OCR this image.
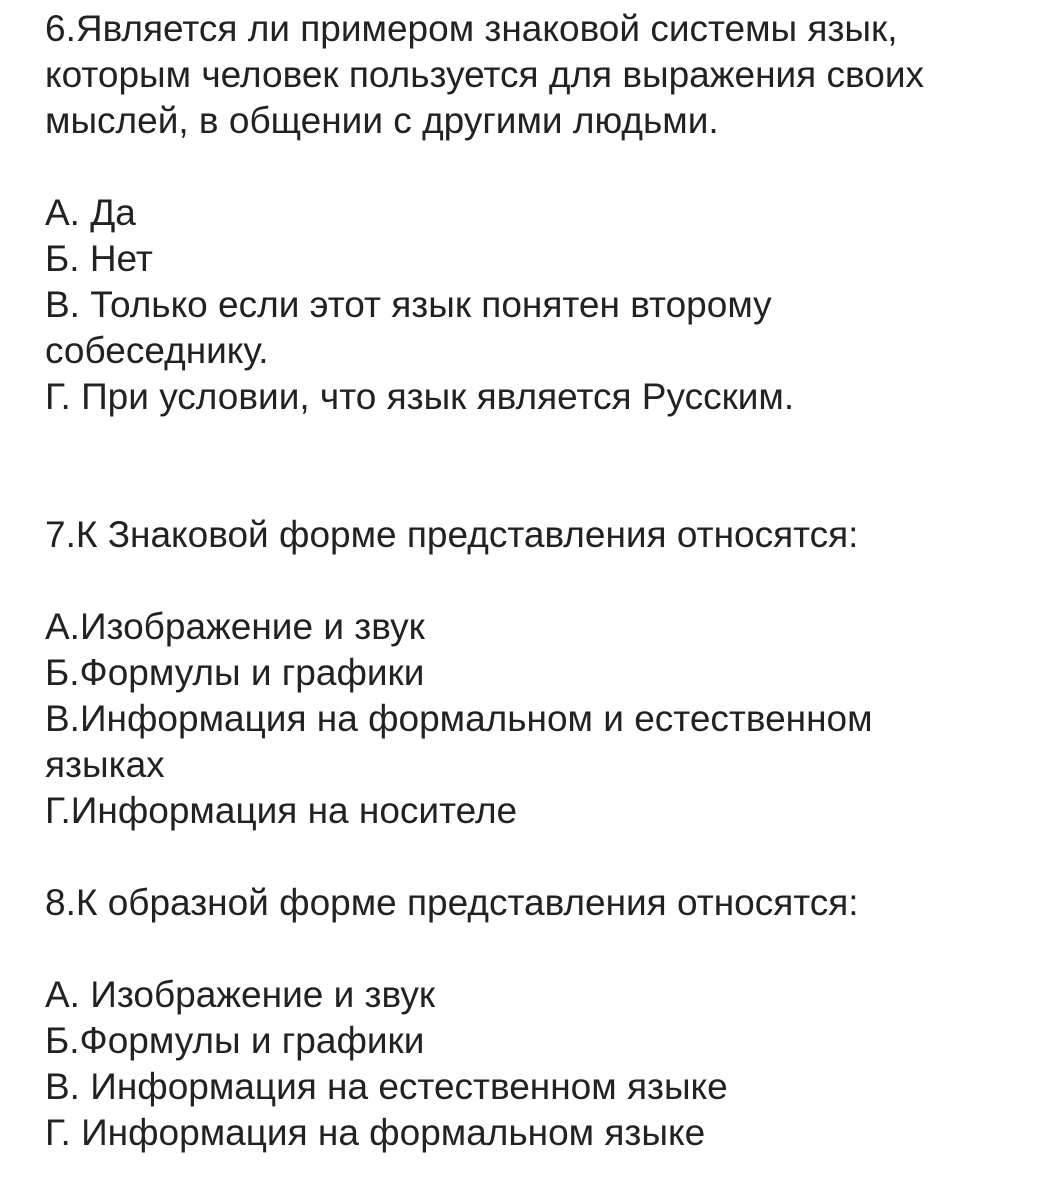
6.Является ли примером знаковой системы язык,
которым человек пользуется для выражения своих
мыслей, в общении с другими людьми.
А. Да
Б. Нет
В. Только если этот язык понятен второму
собеседнику.
Г. При условии, что язык является Русским.
7.К Знаковой форме представления относятся:
А.Изображение и звук
Б.Формулы и графики
В.Информация на формальном и естественном
языках
Г.Информация на носителе
8.К образной форме представления относятся:
А. Изображение и звук
Б.Формулы и графики
В. Информация на естественном языке
Г. Информация на формальном языке
